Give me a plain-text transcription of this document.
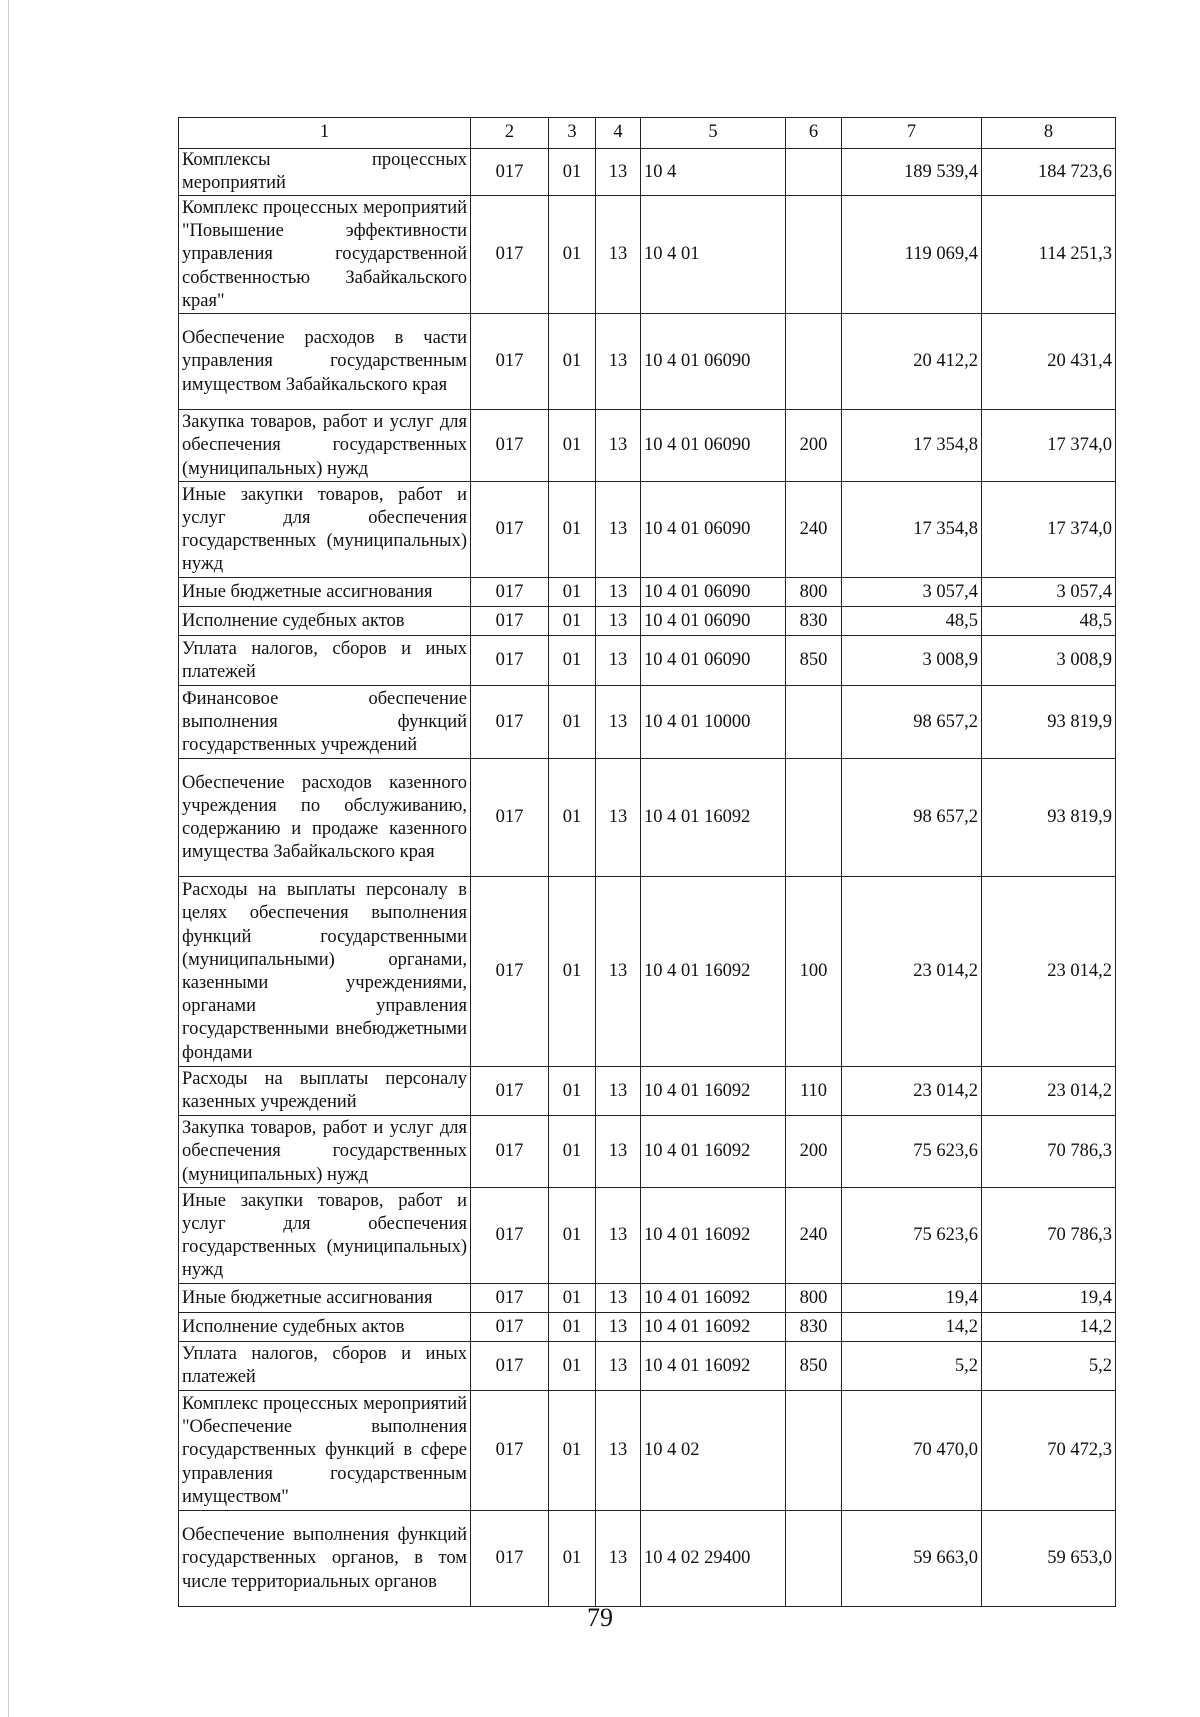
1	2	3	4	5	6	7	8
Комплексы процессных мероприятий	017	01	13	10 4		189 539,4	184 723,6
Комплекс процессных мероприятий "Повышение эффективности управления государственной собственностью Забайкальского края"	017	01	13	10 4 01		119 069,4	114 251,3
Обеспечение расходов в части управления государственным имуществом Забайкальского края	017	01	13	10 4 01 06090		20 412,2	20 431,4
Закупка товаров, работ и услуг для обеспечения государственных (муниципальных) нужд	017	01	13	10 4 01 06090	200	17 354,8	17 374,0
Иные закупки товаров, работ и услуг для обеспечения государственных (муниципальных) нужд	017	01	13	10 4 01 06090	240	17 354,8	17 374,0
Иные бюджетные ассигнования	017	01	13	10 4 01 06090	800	3 057,4	3 057,4
Исполнение судебных актов	017	01	13	10 4 01 06090	830	48,5	48,5
Уплата налогов, сборов и иных платежей	017	01	13	10 4 01 06090	850	3 008,9	3 008,9
Финансовое обеспечение выполнения функций государственных учреждений	017	01	13	10 4 01 10000		98 657,2	93 819,9
Обеспечение расходов казенного учреждения по обслуживанию, содержанию и продаже казенного имущества Забайкальского края	017	01	13	10 4 01 16092		98 657,2	93 819,9
Расходы на выплаты персоналу в целях обеспечения выполнения функций государственными (муниципальными) органами, казенными учреждениями, органами управления государственными внебюджетными фондами	017	01	13	10 4 01 16092	100	23 014,2	23 014,2
Расходы на выплаты персоналу казенных учреждений	017	01	13	10 4 01 16092	110	23 014,2	23 014,2
Закупка товаров, работ и услуг для обеспечения государственных (муниципальных) нужд	017	01	13	10 4 01 16092	200	75 623,6	70 786,3
Иные закупки товаров, работ и услуг для обеспечения государственных (муниципальных) нужд	017	01	13	10 4 01 16092	240	75 623,6	70 786,3
Иные бюджетные ассигнования	017	01	13	10 4 01 16092	800	19,4	19,4
Исполнение судебных актов	017	01	13	10 4 01 16092	830	14,2	14,2
Уплата налогов, сборов и иных платежей	017	01	13	10 4 01 16092	850	5,2	5,2
Комплекс процессных мероприятий "Обеспечение выполнения государственных функций в сфере управления государственным имуществом"	017	01	13	10 4 02		70 470,0	70 472,3
Обеспечение выполнения функций государственных органов, в том числе территориальных органов	017	01	13	10 4 02 29400		59 663,0	59 653,0
79
